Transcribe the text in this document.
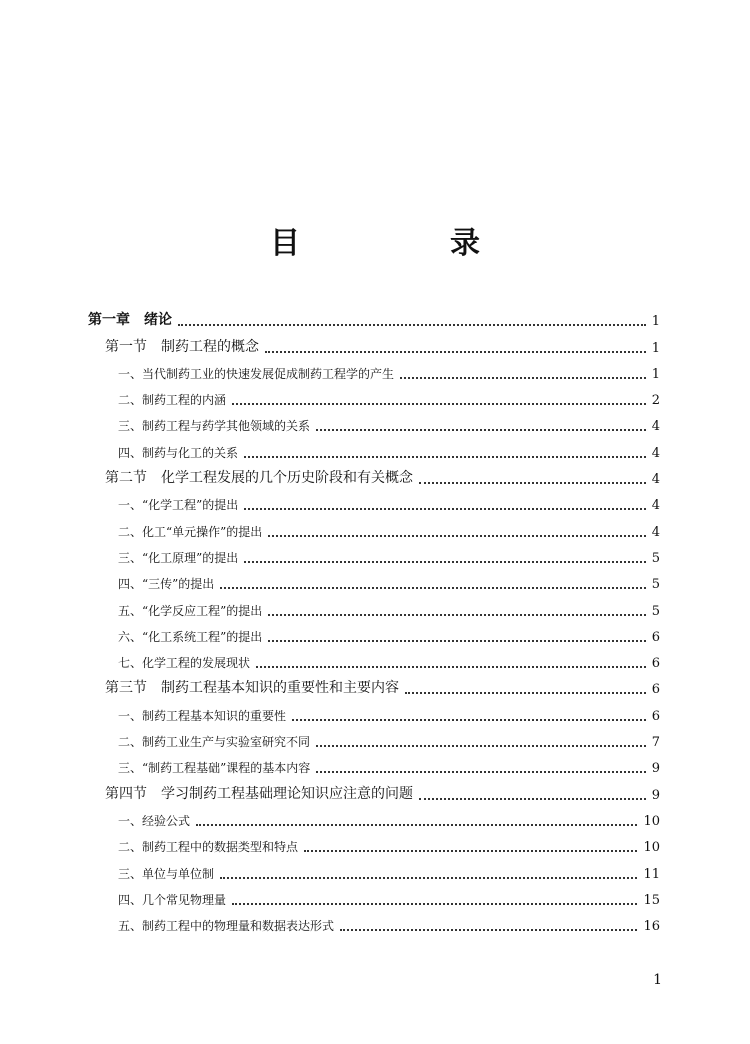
目　录
第一章 绪论	1
第一节 制药工程的概念	1
一、当代制药工业的快速发展促成制药工程学的产生	1
二、制药工程的内涵	2
三、制药工程与药学其他领域的关系	4
四、制药与化工的关系	4
第二节 化学工程发展的几个历史阶段和有关概念	4
一、“化学工程”的提出	4
二、化工“单元操作”的提出	4
三、“化工原理”的提出	5
四、“三传”的提出	5
五、“化学反应工程”的提出	5
六、“化工系统工程”的提出	6
七、化学工程的发展现状	6
第三节 制药工程基本知识的重要性和主要内容	6
一、制药工程基本知识的重要性	6
二、制药工业生产与实验室研究不同	7
三、“制药工程基础”课程的基本内容	9
第四节 学习制药工程基础理论知识应注意的问题	9
一、经验公式	10
二、制药工程中的数据类型和特点	10
三、单位与单位制	11
四、几个常见物理量	15
五、制药工程中的物理量和数据表达形式	16
1
